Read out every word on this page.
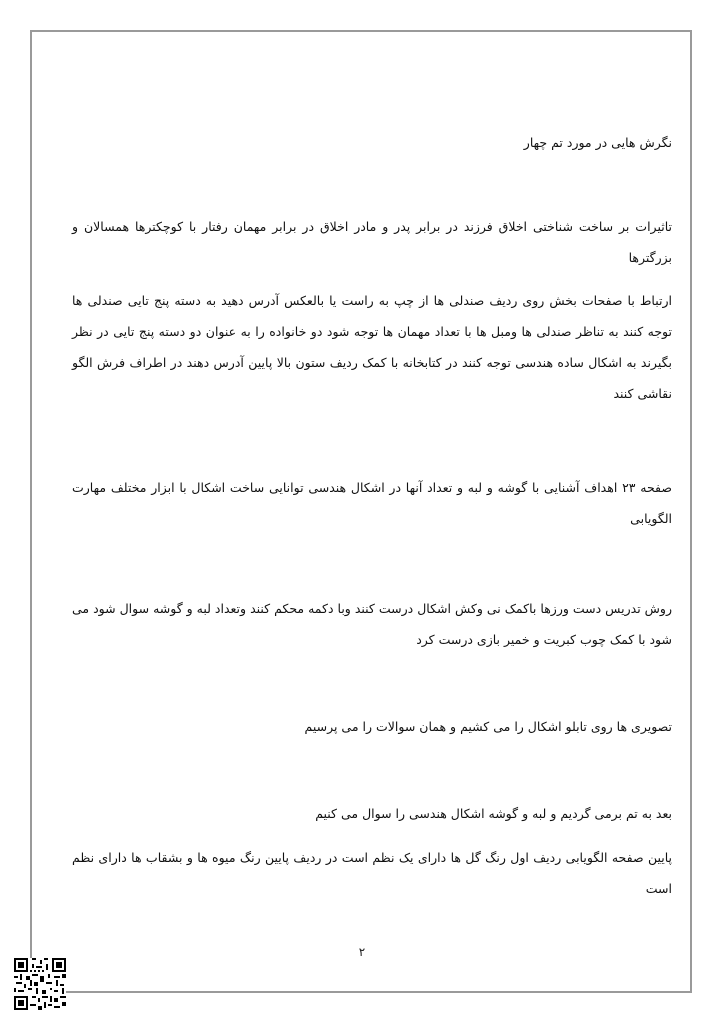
نگرش هایی در مورد تم چهار

تاثیرات بر ساخت شناختی اخلاق فرزند در برابر پدر و مادر اخلاق در برابر مهمان رفتار با کوچکترها همسالان و بزرگترها

ارتباط با صفحات بخش روی ردیف صندلی ها از چپ به راست یا بالعکس آدرس دهید به دسته پنج تایی صندلی ها توجه کنند به تناظر صندلی ها ومبل ها با تعداد مهمان ها توجه شود دو خانواده را به عنوان دو دسته پنج تایی در نظر بگیرند به اشکال ساده هندسی توجه کنند در کتابخانه با کمک ردیف ستون بالا پایین آدرس دهند در اطراف فرش الگو نقاشی کنند

صفحه ۲۳ اهداف آشنایی با گوشه و لبه و تعداد آنها در اشکال هندسی توانایی ساخت اشکال با ابزار مختلف مهارت الگویابی

روش تدریس دست ورزها باکمک نی وکش اشکال درست کنند وبا دکمه محکم کنند وتعداد لبه و گوشه سوال شود می شود با کمک چوب کبریت و خمیر بازی درست کرد

تصویری ها روی تابلو اشکال را می کشیم و همان سوالات را می پرسیم

بعد به تم برمی گردیم و لبه و گوشه اشکال هندسی را سوال می کنیم

پایین صفحه الگویابی ردیف اول رنگ گل ها دارای یک نظم است در ردیف پایین رنگ میوه ها و بشقاب ها دارای نظم است

۲
